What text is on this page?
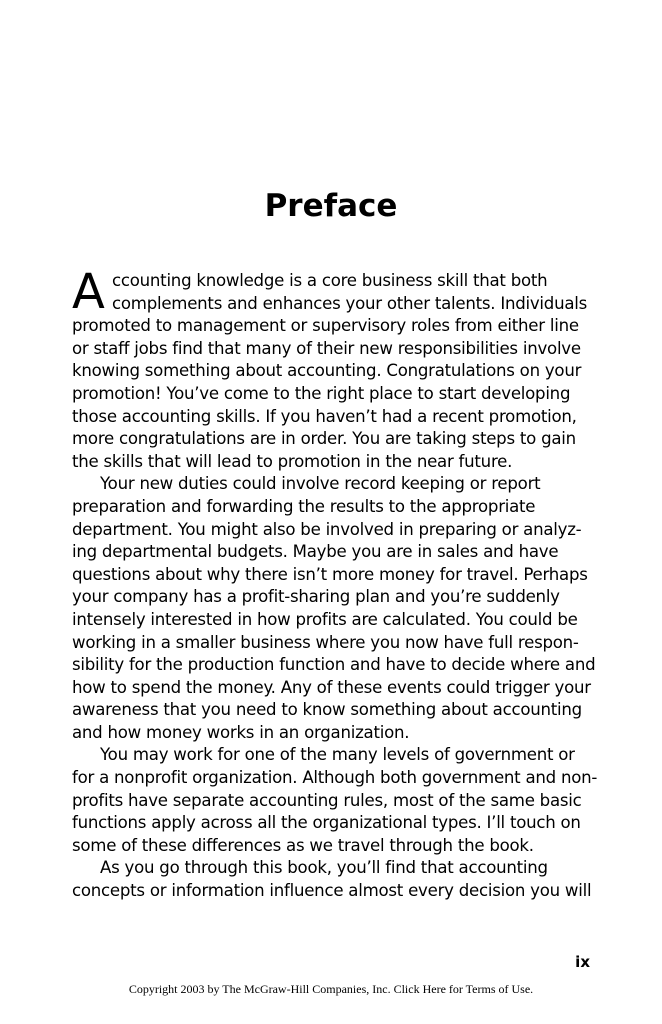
Preface
A ccounting knowledge is a core business skill that both
complements and enhances your other talents. Individuals
promoted to management or supervisory roles from either line
or staff jobs find that many of their new responsibilities involve
knowing something about accounting. Congratulations on your
promotion! You’ve come to the right place to start developing
those accounting skills. If you haven’t had a recent promotion,
more congratulations are in order. You are taking steps to gain
the skills that will lead to promotion in the near future.
Your new duties could involve record keeping or report
preparation and forwarding the results to the appropriate
department. You might also be involved in preparing or analyz-
ing departmental budgets. Maybe you are in sales and have
questions about why there isn’t more money for travel. Perhaps
your company has a profit-sharing plan and you’re suddenly
intensely interested in how profits are calculated. You could be
working in a smaller business where you now have full respon-
sibility for the production function and have to decide where and
how to spend the money. Any of these events could trigger your
awareness that you need to know something about accounting
and how money works in an organization.
You may work for one of the many levels of government or
for a nonprofit organization. Although both government and non-
profits have separate accounting rules, most of the same basic
functions apply across all the organizational types. I’ll touch on
some of these differences as we travel through the book.
As you go through this book, you’ll find that accounting
concepts or information influence almost every decision you will
ix
Copyright 2003 by The McGraw-Hill Companies, Inc. Click Here for Terms of Use.
